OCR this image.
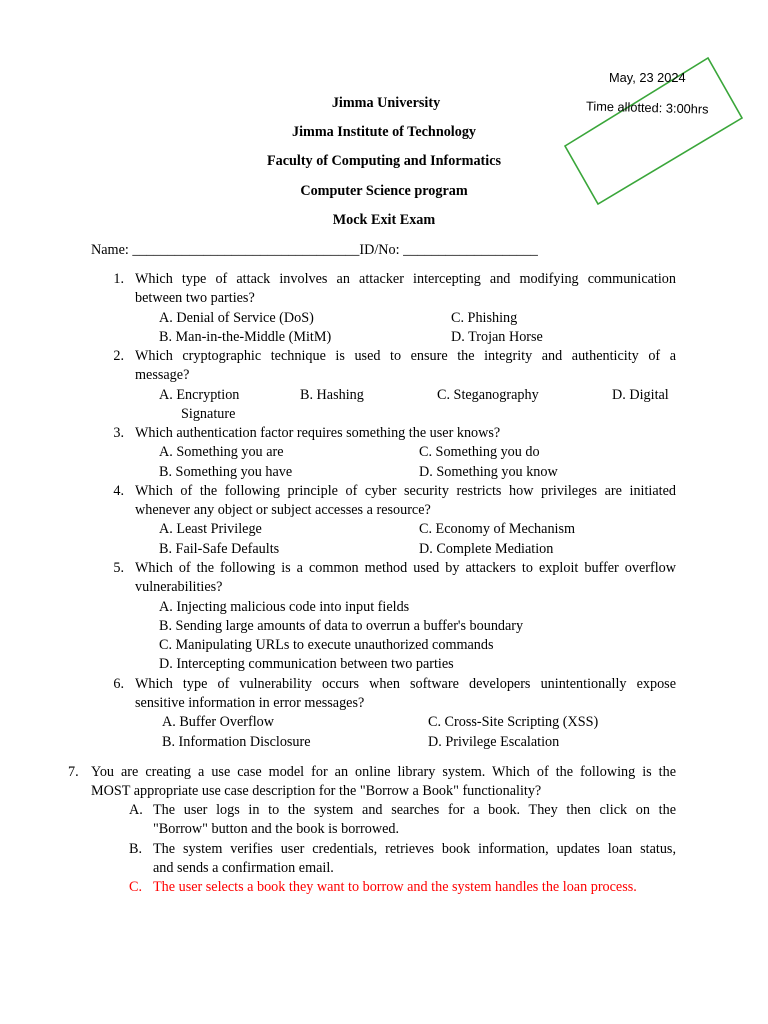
May, 23 2024
Time allotted: 3:00hrs
Jimma University
Jimma Institute of Technology
Faculty of Computing and Informatics
Computer Science program
Mock Exit Exam
Name: ________________________________ID/No: ___________________
1. Which type of attack involves an attacker intercepting and modifying communication
between two parties?
A. Denial of Service (DoS)	C. Phishing
B. Man-in-the-Middle (MitM)	D. Trojan Horse
2. Which cryptographic technique is used to ensure the integrity and authenticity of a
message?
A. Encryption	B. Hashing	C. Steganography	D. Digital
Signature
3. Which authentication factor requires something the user knows?
A. Something you are	C. Something you do
B. Something you have	D. Something you know
4. Which of the following principle of cyber security restricts how privileges are initiated
whenever any object or subject accesses a resource?
A. Least Privilege	C. Economy of Mechanism
B. Fail-Safe Defaults	D. Complete Mediation
5. Which of the following is a common method used by attackers to exploit buffer overflow
vulnerabilities?
A. Injecting malicious code into input fields
B. Sending large amounts of data to overrun a buffer's boundary
C. Manipulating URLs to execute unauthorized commands
D. Intercepting communication between two parties
6. Which type of vulnerability occurs when software developers unintentionally expose
sensitive information in error messages?
A. Buffer Overflow	C. Cross-Site Scripting (XSS)
B. Information Disclosure	D. Privilege Escalation
7. You are creating a use case model for an online library system. Which of the following is the
MOST appropriate use case description for the "Borrow a Book" functionality?
A. The user logs in to the system and searches for a book. They then click on the
"Borrow" button and the book is borrowed.
B. The system verifies user credentials, retrieves book information, updates loan status,
and sends a confirmation email.
C. The user selects a book they want to borrow and the system handles the loan process.
